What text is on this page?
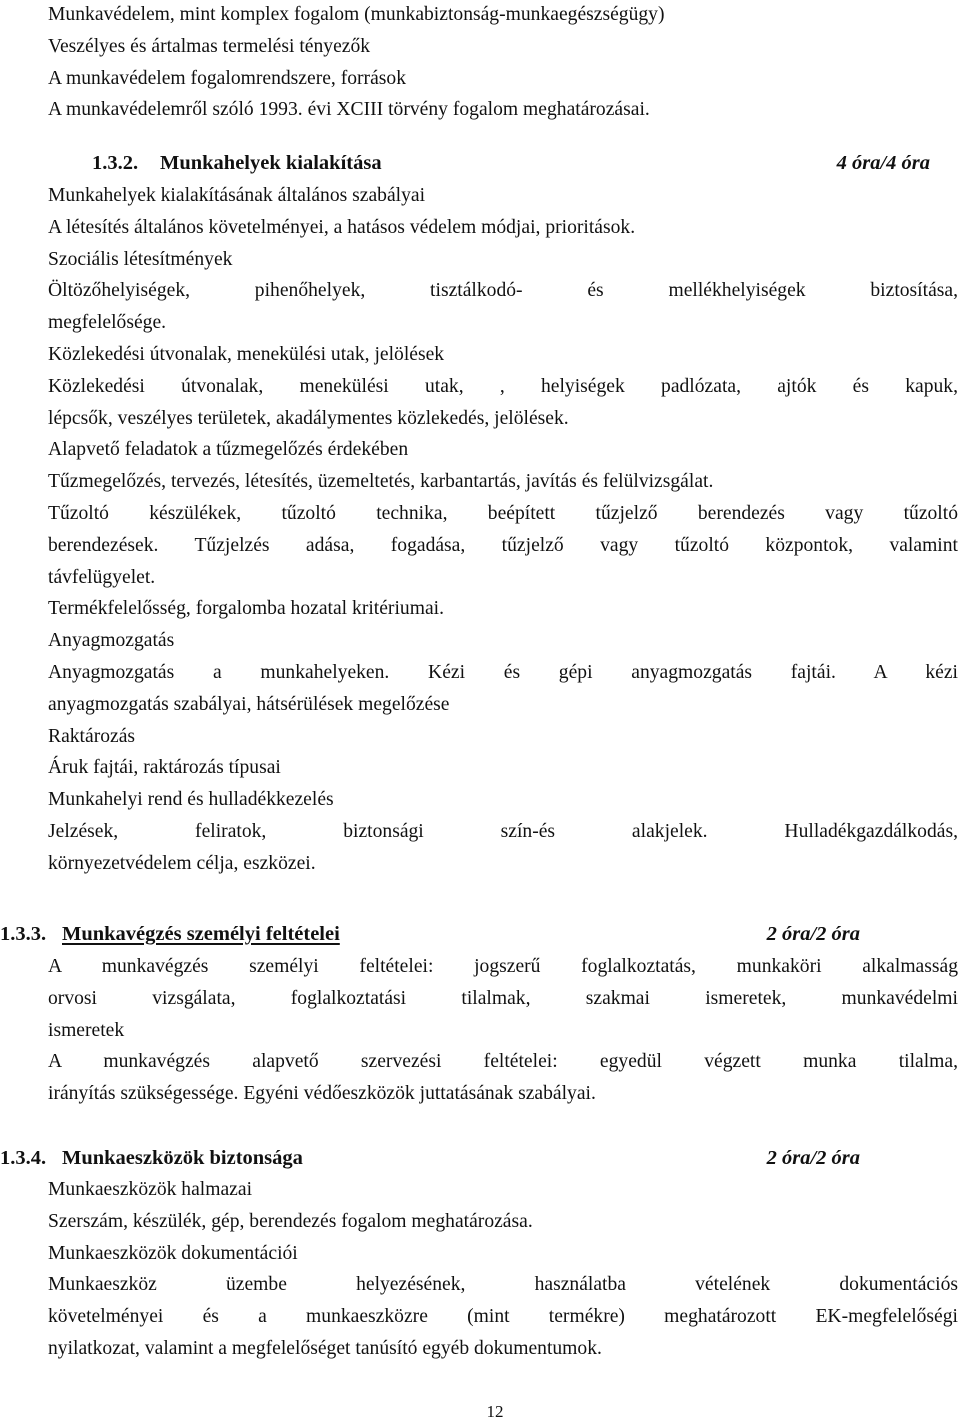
Munkavédelem, mint komplex fogalom (munkabiztonság-munkaegészségügy)
Veszélyes és ártalmas termelési tényezők
A munkavédelem fogalomrendszere, források
A munkavédelemről szóló 1993. évi XCIII törvény fogalom meghatározásai.
1.3.2. Munkahelyek kialakítása	4 óra/4 óra
Munkahelyek kialakításának általános szabályai
A létesítés általános követelményei, a hatásos védelem módjai, prioritások.
Szociális létesítmények
Öltözőhelyiségek, pihenőhelyek, tisztálkodó- és mellékhelyiségek biztosítása,
megfelelősége.
Közlekedési útvonalak, menekülési utak, jelölések
Közlekedési útvonalak, menekülési utak, , helyiségek padlózata, ajtók és kapuk,
lépcsők, veszélyes területek, akadálymentes közlekedés, jelölések.
Alapvető feladatok a tűzmegelőzés érdekében
Tűzmegelőzés, tervezés, létesítés, üzemeltetés, karbantartás, javítás és felülvizsgálat.
Tűzoltó készülékek, tűzoltó technika, beépített tűzjelző berendezés vagy tűzoltó
berendezések. Tűzjelzés adása, fogadása, tűzjelző vagy tűzoltó központok, valamint
távfelügyelet.
Termékfelelősség, forgalomba hozatal kritériumai.
Anyagmozgatás
Anyagmozgatás a munkahelyeken. Kézi és gépi anyagmozgatás fajtái. A kézi
anyagmozgatás szabályai, hátsérülések megelőzése
Raktározás
Áruk fajtái, raktározás típusai
Munkahelyi rend és hulladékkezelés
Jelzések, feliratok, biztonsági szín-és alakjelek. Hulladékgazdálkodás,
környezetvédelem célja, eszközei.
1.3.3. Munkavégzés személyi feltételei	2 óra/2 óra
A munkavégzés személyi feltételei: jogszerű foglalkoztatás, munkaköri alkalmasság
orvosi vizsgálata, foglalkoztatási tilalmak, szakmai ismeretek, munkavédelmi
ismeretek
A munkavégzés alapvető szervezési feltételei: egyedül végzett munka tilalma,
irányítás szükségessége. Egyéni védőeszközök juttatásának szabályai.
1.3.4. Munkaeszközök biztonsága	2 óra/2 óra
Munkaeszközök halmazai
Szerszám, készülék, gép, berendezés fogalom meghatározása.
Munkaeszközök dokumentációi
Munkaeszköz üzembe helyezésének, használatba vételének dokumentációs
követelményei és a munkaeszközre (mint termékre) meghatározott EK-megfelelőségi
nyilatkozat, valamint a megfelelőséget tanúsító egyéb dokumentumok.
12
